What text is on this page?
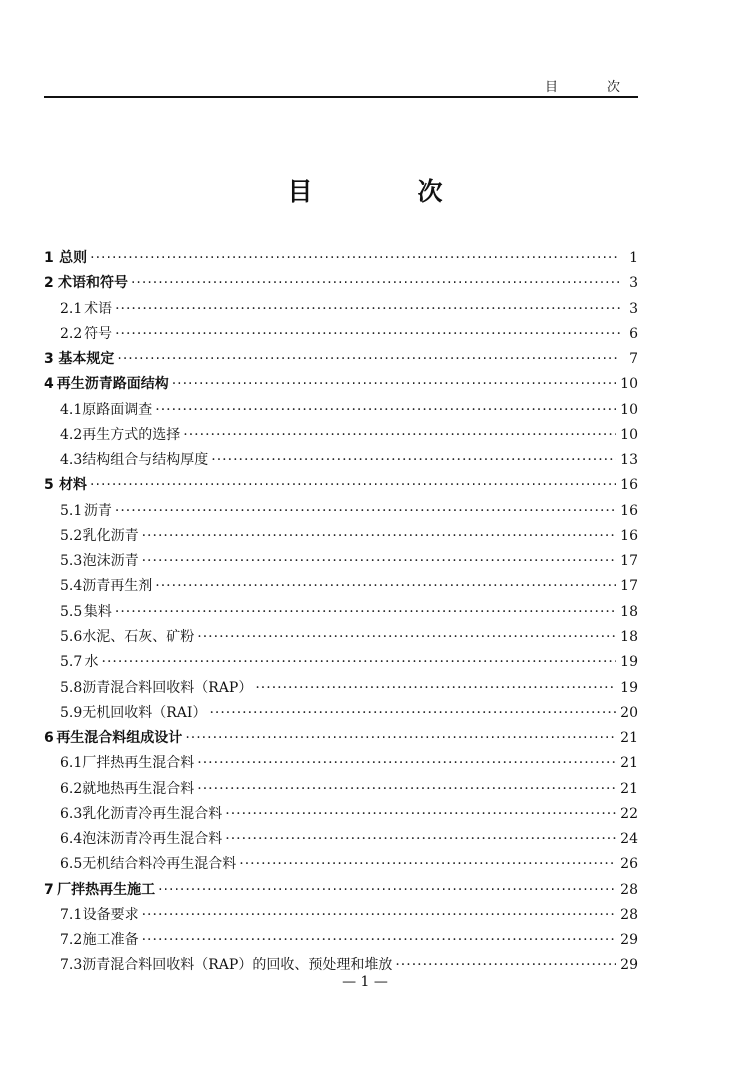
目　次
目　次
1 总则 ·····	1
2 术语和符号 ·····	3
2.1 术语 ·····	3
2.2 符号 ·····	6
3 基本规定 ·····	7
4 再生沥青路面结构 ·····	10
4.1 原路面调查 ·····	10
4.2 再生方式的选择 ·····	10
4.3 结构组合与结构厚度 ·····	13
5 材料 ·····	16
5.1 沥青 ·····	16
5.2 乳化沥青 ·····	16
5.3 泡沫沥青 ·····	17
5.4 沥青再生剂 ·····	17
5.5 集料 ·····	18
5.6 水泥、石灰、矿粉 ·····	18
5.7 水 ·····	19
5.8 沥青混合料回收料（RAP） ·····	19
5.9 无机回收料（RAI） ·····	20
6 再生混合料组成设计 ·····	21
6.1 厂拌热再生混合料 ·····	21
6.2 就地热再生混合料 ·····	21
6.3 乳化沥青冷再生混合料 ·····	22
6.4 泡沫沥青冷再生混合料 ·····	24
6.5 无机结合料冷再生混合料 ·····	26
7 厂拌热再生施工 ·····	28
7.1 设备要求 ·····	28
7.2 施工准备 ·····	29
7.3 沥青混合料回收料（RAP）的回收、预处理和堆放 ·····	29
— 1 —
